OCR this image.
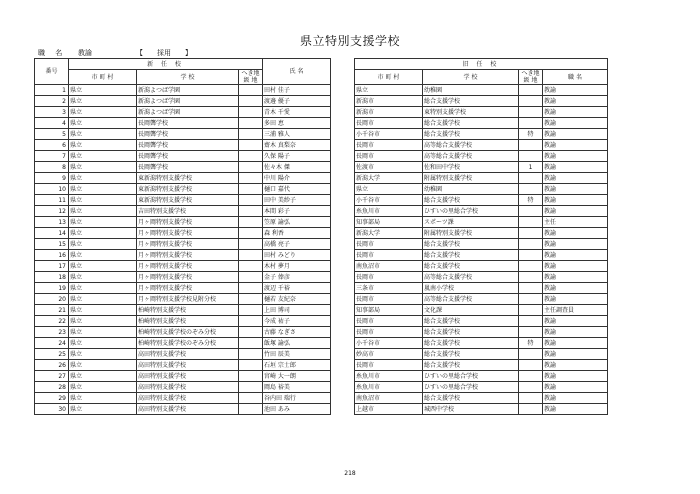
県立特別支援学校
職 名 教諭	【 採用 】
番号	新 任 校			氏 名		旧 任 校			
	市 町 村	学 校	へき地
級 地			市 町 村	学 校	へき地
級 地	職 名
1	県立	新潟よつば学園		田村 佳子		県立	幼稚園		教諭
2	県立	新潟よつば学園		渡邊 優子		新潟市	総合支援学校		教諭
3	県立	新潟よつば学園		青木 千愛		新潟市	東特別支援学校		教諭
4	県立	長岡聾学校		多田 恵		長岡市	総合支援学校		教諭
5	県立	長岡聾学校		三浦 雅人		小千谷市	総合支援学校	特	教諭
6	県立	長岡聾学校		齋木 真梨奈		長岡市	高等総合支援学校		教諭
7	県立	長岡聾学校		久保 陽子		長岡市	高等総合支援学校		教諭
8	県立	長岡聾学校		佐々木 傑		佐渡市	佐和田中学校	1	教諭
9	県立	東新潟特別支援学校		中川 陽介		新潟大学	附属特別支援学校		教諭
10	県立	東新潟特別支援学校		樋口 嘉代		県立	幼稚園		教諭
11	県立	東新潟特別支援学校		田中 美紗子		小千谷市	総合支援学校	特	教諭
12	県立	吉田特別支援学校		本間 彩子		糸魚川市	ひすいの里総合学校		教諭
13	県立	月ヶ岡特別支援学校		笠原 諭弘		知事部局	スポーツ課		主任
14	県立	月ヶ岡特別支援学校		森 利香		新潟大学	附属特別支援学校		教諭
15	県立	月ヶ岡特別支援学校		高橋 亮子		長岡市	総合支援学校		教諭
16	県立	月ヶ岡特別支援学校		田村 みどり		長岡市	総合支援学校		教諭
17	県立	月ヶ岡特別支援学校		木村 夢月		南魚沼市	総合支援学校		教諭
18	県立	月ヶ岡特別支援学校		金子 俸彦		長岡市	高等総合支援学校		教諭
19	県立	月ヶ岡特別支援学校		渡辺 千裕		三条市	嵐南小学校		教諭
20	県立	月ヶ岡特別支援学校見附分校		樋若 友紀奈		長岡市	高等総合支援学校		教諭
21	県立	柏崎特別支援学校		上田 博司		知事部局	文化課		主任調査員
22	県立	柏崎特別支援学校		今成 祐子		長岡市	総合支援学校		教諭
23	県立	柏崎特別支援学校のぞみ分校		古藤 なぎさ		長岡市	総合支援学校		教諭
24	県立	柏崎特別支援学校のぞみ分校		飯塚 諭弘		小千谷市	総合支援学校	特	教諭
25	県立	高田特別支援学校		竹田 辰美		妙高市	総合支援学校		教諭
26	県立	高田特別支援学校		石垣 宗士郎		長岡市	総合支援学校		教諭
27	県立	高田特別支援学校		宮崎 大一朗		糸魚川市	ひすいの里総合学校		教諭
28	県立	高田特別支援学校		岡島 裕美		糸魚川市	ひすいの里総合学校		教諭
29	県立	高田特別支援学校		谷内田 瑞行		南魚沼市	総合支援学校		教諭
30	県立	高田特別支援学校		池田 あみ		上越市	城西中学校		教諭
218
